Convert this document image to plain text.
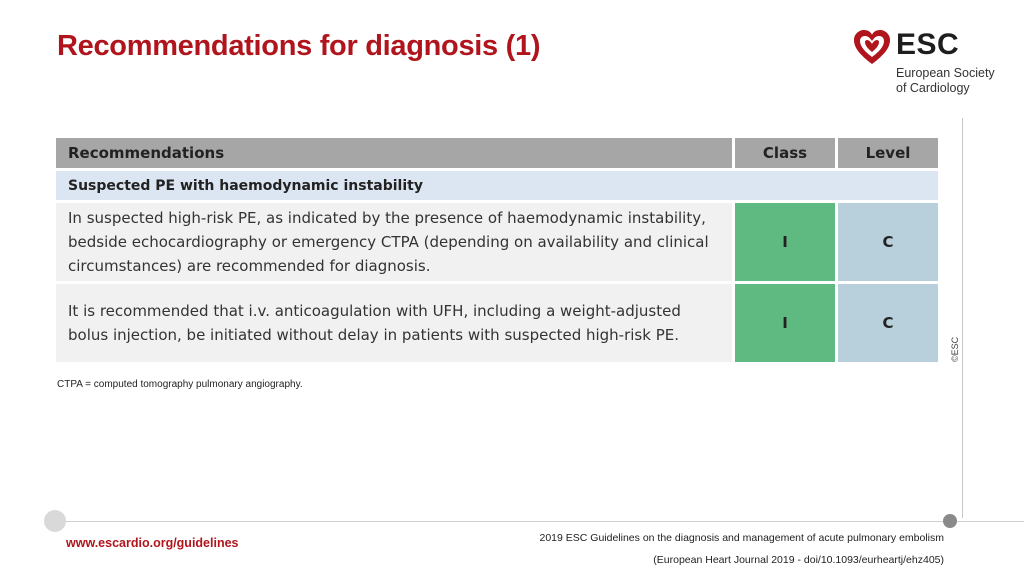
Recommendations for diagnosis (1)	ESC
European Society
of Cardiology
©ESC
Recommendations	Class	Level
Suspected PE with haemodynamic instability		
In suspected high-risk PE, as indicated by the presence of haemodynamic instability, bedside echocardiography or emergency CTPA (depending on availability and clinical circumstances) are recommended for diagnosis.	I	C
It is recommended that i.v. anticoagulation with UFH, including a weight-adjusted bolus injection, be initiated without delay in patients with suspected high-risk PE.	I	C
CTPA = computed tomography pulmonary angiography.
www.escardio.org/guidelines	2019 ESC Guidelines on the diagnosis and management of acute pulmonary embolism
(European Heart Journal 2019 - doi/10.1093/eurheartj/ehz405)
